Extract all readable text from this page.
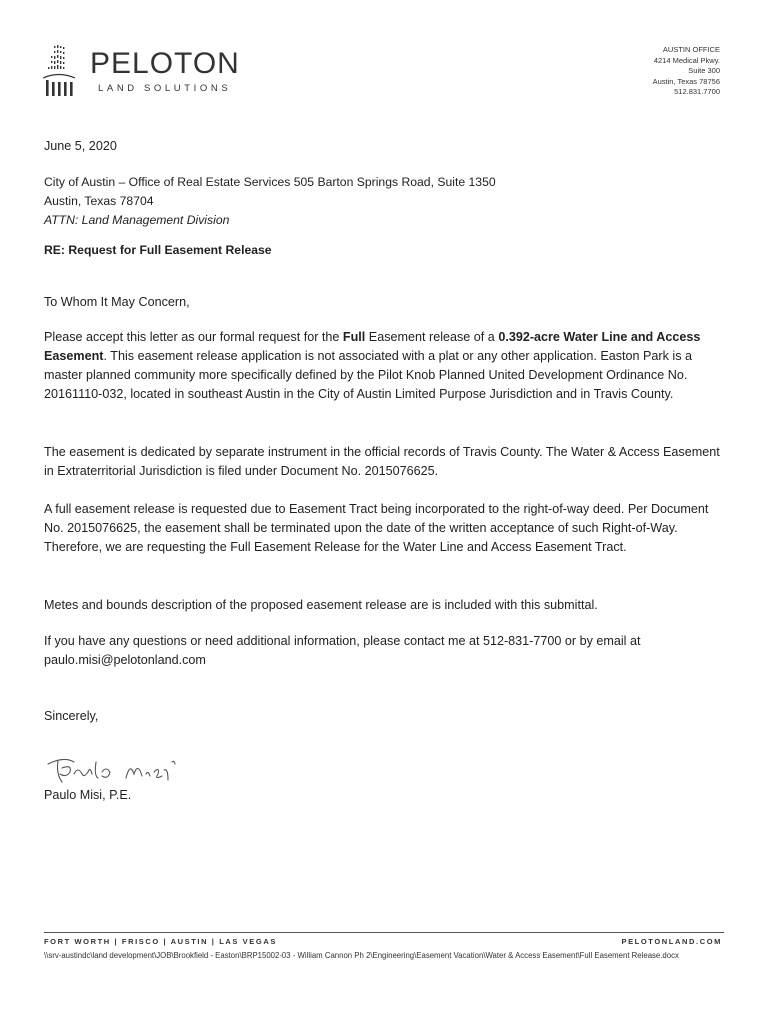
PELOTON
LAND SOLUTIONS
AUSTIN OFFICE
4214 Medical Pkwy.
Suite 300
Austin, Texas 78756
512.831.7700
June 5, 2020
City of Austin – Office of Real Estate Services 505 Barton Springs Road, Suite 1350
Austin, Texas 78704
ATTN: Land Management Division
RE: Request for Full Easement Release
To Whom It May Concern,
Please accept this letter as our formal request for the Full Easement release of a 0.392-acre Water Line and Access Easement. This easement release application is not associated with a plat or any other application. Easton Park is a master planned community more specifically defined by the Pilot Knob Planned United Development Ordinance No. 20161110-032, located in southeast Austin in the City of Austin Limited Purpose Jurisdiction and in Travis County.
The easement is dedicated by separate instrument in the official records of Travis County. The Water & Access Easement in Extraterritorial Jurisdiction is filed under Document No. 2015076625.
A full easement release is requested due to Easement Tract being incorporated to the right-of-way deed. Per Document No. 2015076625, the easement shall be terminated upon the date of the written acceptance of such Right-of-Way. Therefore, we are requesting the Full Easement Release for the Water Line and Access Easement Tract.
Metes and bounds description of the proposed easement release are is included with this submittal.
If you have any questions or need additional information, please contact me at 512-831-7700 or by email at paulo.misi@pelotonland.com
Sincerely,
Paulo Misi, P.E.
FORT WORTH | FRISCO | AUSTIN | LAS VEGAS	PELOTONLAND.COM
\\srv-austindc\land development\JOB\Brookfield - Easton\BRP15002-03 - William Cannon Ph 2\Engineering\Easement Vacation\Water & Access Easement\Full Easement Release.docx
